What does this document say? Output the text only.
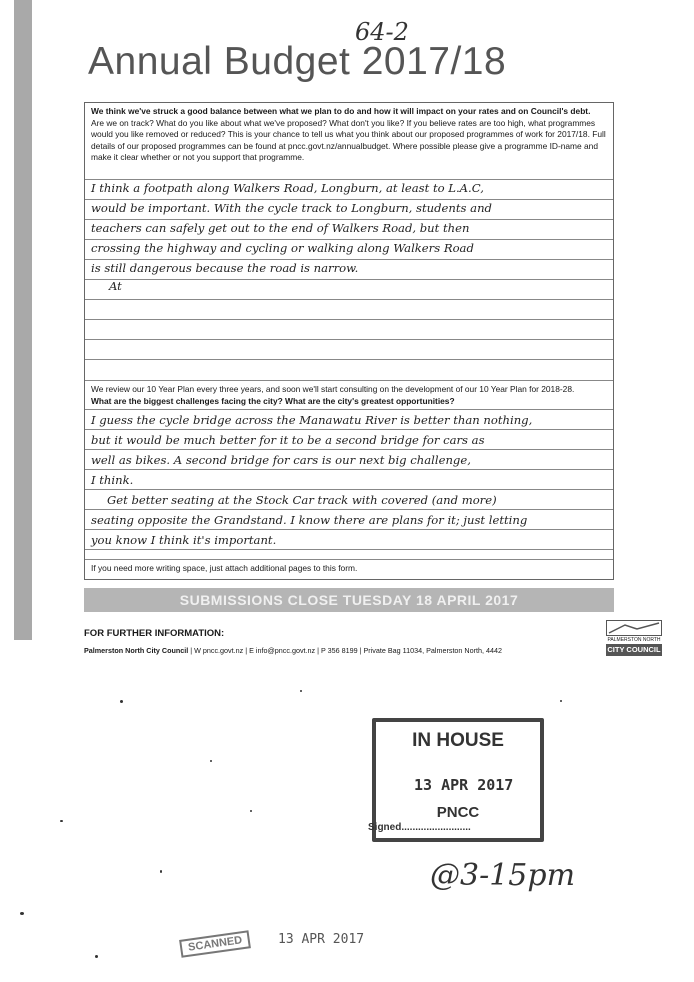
64-2
Annual Budget 2017/18
We think we've struck a good balance between what we plan to do and how it will impact on your rates and on Council's debt.
Are we on track? What do you like about what we've proposed? What don't you like? If you believe rates are too high, what programmes would you like removed or reduced? This is your chance to tell us what you think about our proposed programmes of work for 2017/18. Full details of our proposed programmes can be found at pncc.govt.nz/annualbudget. Where possible please give a programme ID-name and make it clear whether or not you support that programme.
I think a footpath along Walkers Road, Longburn, at least to L.A.C,
would be important. With the cycle track to Longburn, students and
teachers can safely get out to the end of Walkers Road, but then
crossing the highway and cycling or walking along Walkers Road
is still dangerous because the road is narrow.
At
We review our 10 Year Plan every three years, and soon we'll start consulting on the development of our 10 Year Plan for 2018-28.
What are the biggest challenges facing the city? What are the city's greatest opportunities?
I guess the cycle bridge across the Manawatu River is better than nothing,
but it would be much better for it to be a second bridge for cars as
well as bikes. A second bridge for cars is our next big challenge,
I think.
Get better seating at the Stock Car track with covered (and more)
seating opposite the Grandstand. I know there are plans for it; just letting
you know I think it's important.
If you need more writing space, just attach additional pages to this form.
SUBMISSIONS CLOSE TUESDAY 18 APRIL 2017
FOR FURTHER INFORMATION:
Palmerston North City Council | W pncc.govt.nz | E info@pncc.govt.nz | P 356 8199 | Private Bag 11034, Palmerston North, 4442
PALMERSTON NORTH
CITY COUNCIL
IN HOUSE
13 APR 2017
PNCC
Signed.........................
@3-15pm
SCANNED	13 APR 2017
